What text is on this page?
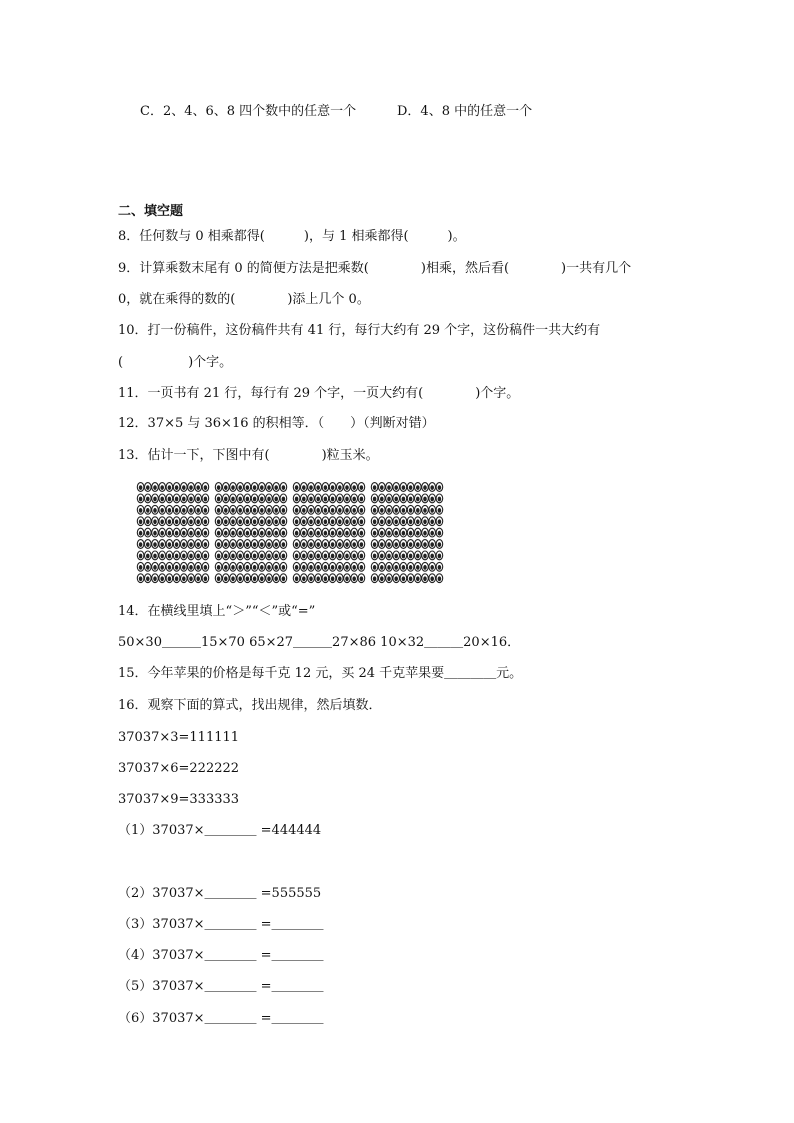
C．2、4、6、8 四个数中的任意一个	D．4、8 中的任意一个
二、填空题
8．任何数与 0 相乘都得(　　　)，与 1 相乘都得(　　　)。
9．计算乘数末尾有 0 的简便方法是把乘数(　　　　)相乘，然后看(　　　　)一共有几个
0，就在乘得的数的(　　　　)添上几个 0。
10．打一份稿件，这份稿件共有 41 行，每行大约有 29 个字，这份稿件一共大约有
(　　　　　)个字。
11．一页书有 21 行，每行有 29 个字，一页大约有(　　　　)个字。
12．37×5 与 36×16 的积相等．（　　）（判断对错）
13．估计一下，下图中有(　　　　)粒玉米。
14．在横线里填上“＞”“＜”或“=”
50×30＿＿＿15×70 65×27＿＿＿27×86 10×32＿＿＿20×16．
15．今年苹果的价格是每千克 12 元，买 24 千克苹果要＿＿＿＿元。
16．观察下面的算式，找出规律，然后填数．
37037×3=111111
37037×6=222222
37037×9=333333
（1）37037×＿＿＿＿ =444444
（2）37037×＿＿＿＿ =555555
（3）37037×＿＿＿＿ =＿＿＿＿
（4）37037×＿＿＿＿ =＿＿＿＿
（5）37037×＿＿＿＿ =＿＿＿＿
（6）37037×＿＿＿＿ =＿＿＿＿
